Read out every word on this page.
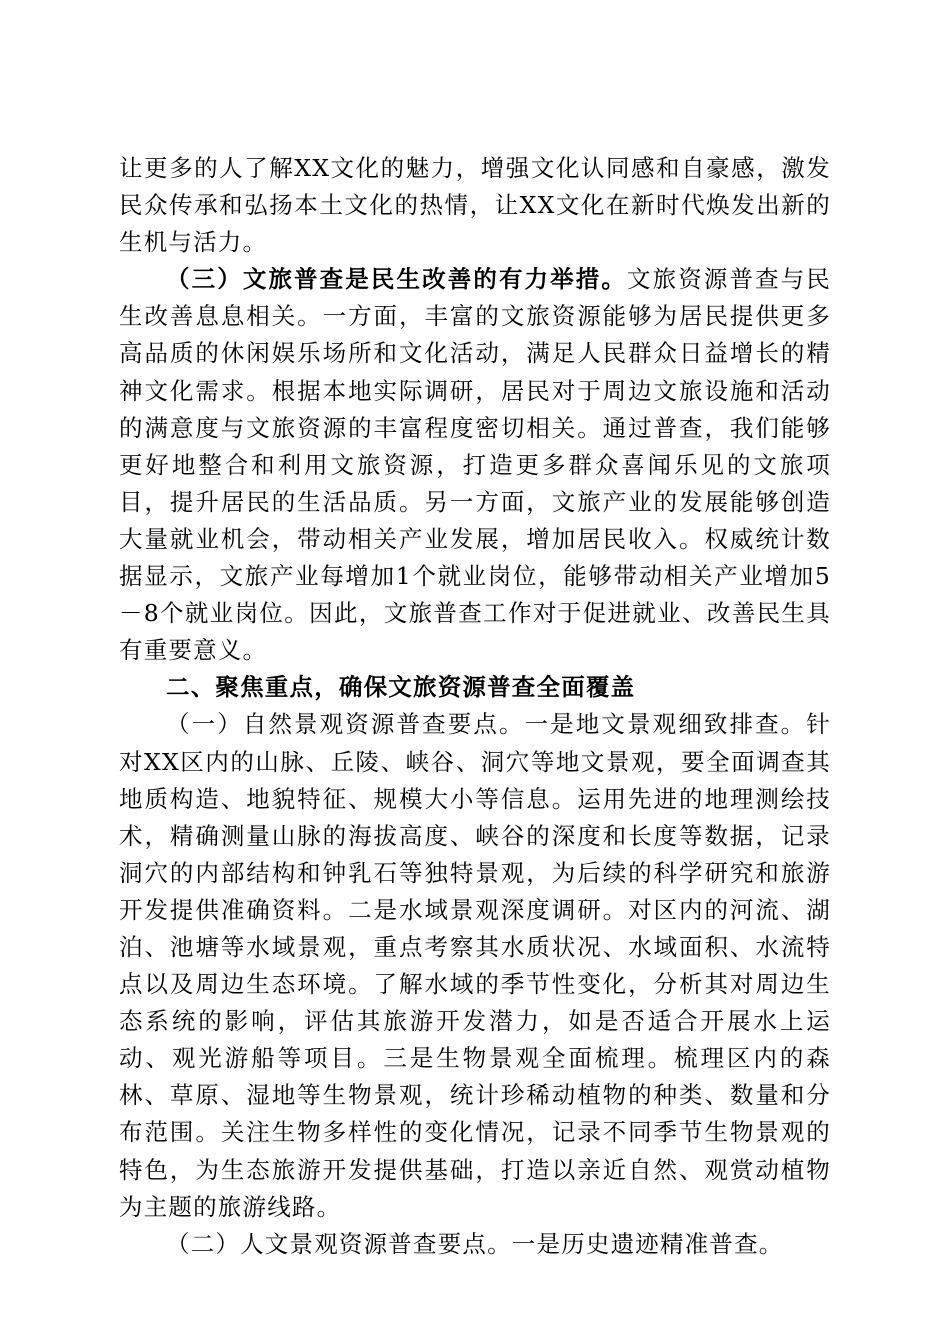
让更多的人了解XX文化的魅力，增强文化认同感和自豪感，激发民众传承和弘扬本土文化的热情，让XX文化在新时代焕发出新的生机与活力。

（三）文旅普查是民生改善的有力举措。文旅资源普查与民生改善息息相关。一方面，丰富的文旅资源能够为居民提供更多高品质的休闲娱乐场所和文化活动，满足人民群众日益增长的精神文化需求。根据本地实际调研，居民对于周边文旅设施和活动的满意度与文旅资源的丰富程度密切相关。通过普查，我们能够更好地整合和利用文旅资源，打造更多群众喜闻乐见的文旅项目，提升居民的生活品质。另一方面，文旅产业的发展能够创造大量就业机会，带动相关产业发展，增加居民收入。权威统计数据显示，文旅产业每增加1个就业岗位，能够带动相关产业增加5－8个就业岗位。因此，文旅普查工作对于促进就业、改善民生具有重要意义。

二、聚焦重点，确保文旅资源普查全面覆盖

（一）自然景观资源普查要点。一是地文景观细致排查。针对XX区内的山脉、丘陵、峡谷、洞穴等地文景观，要全面调查其地质构造、地貌特征、规模大小等信息。运用先进的地理测绘技术，精确测量山脉的海拔高度、峡谷的深度和长度等数据，记录洞穴的内部结构和钟乳石等独特景观，为后续的科学研究和旅游开发提供准确资料。二是水域景观深度调研。对区内的河流、湖泊、池塘等水域景观，重点考察其水质状况、水域面积、水流特点以及周边生态环境。了解水域的季节性变化，分析其对周边生态系统的影响，评估其旅游开发潜力，如是否适合开展水上运动、观光游船等项目。三是生物景观全面梳理。梳理区内的森林、草原、湿地等生物景观，统计珍稀动植物的种类、数量和分布范围。关注生物多样性的变化情况，记录不同季节生物景观的特色，为生态旅游开发提供基础，打造以亲近自然、观赏动植物为主题的旅游线路。

（二）人文景观资源普查要点。一是历史遗迹精准普查。
